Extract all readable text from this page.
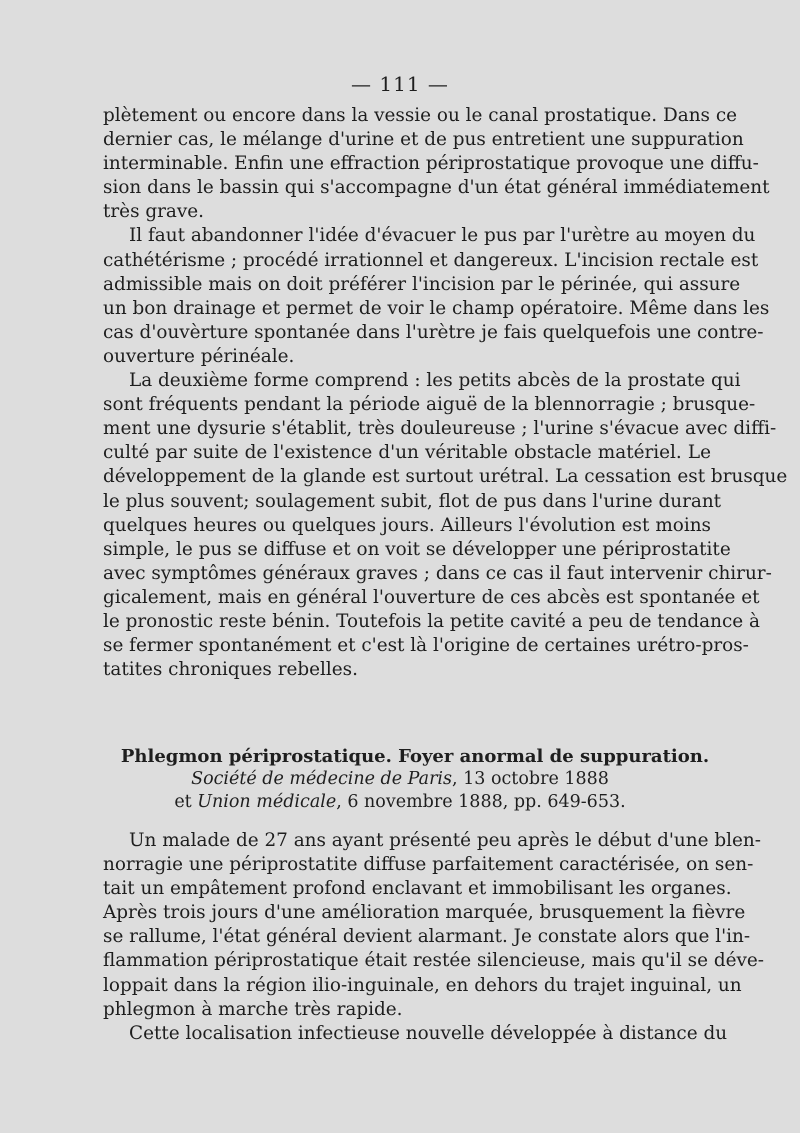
— 111 —
plètement ou encore dans la vessie ou le canal prostatique. Dans ce
dernier cas, le mélange d'urine et de pus entretient une suppuration
interminable. Enfin une effraction périprostatique provoque une diffu-
sion dans le bassin qui s'accompagne d'un état général immédiatement
très grave.
Il faut abandonner l'idée d'évacuer le pus par l'urètre au moyen du
cathétérisme ; procédé irrationnel et dangereux. L'incision rectale est
admissible mais on doit préférer l'incision par le périnée, qui assure
un bon drainage et permet de voir le champ opératoire. Même dans les
cas d'ouvèrture spontanée dans l'urètre je fais quelquefois une contre-
ouverture périnéale.
La deuxième forme comprend : les petits abcès de la prostate qui
sont fréquents pendant la période aiguë de la blennorragie ; brusque-
ment une dysurie s'établit, très douleureuse ; l'urine s'évacue avec diffi-
culté par suite de l'existence d'un véritable obstacle matériel. Le
développement de la glande est surtout urétral. La cessation est brusque
le plus souvent; soulagement subit, flot de pus dans l'urine durant
quelques heures ou quelques jours. Ailleurs l'évolution est moins
simple, le pus se diffuse et on voit se développer une périprostatite
avec symptômes généraux graves ; dans ce cas il faut intervenir chirur-
gicalement, mais en général l'ouverture de ces abcès est spontanée et
le pronostic reste bénin. Toutefois la petite cavité a peu de tendance à
se fermer spontanément et c'est là l'origine de certaines urétro-pros-
tatites chroniques rebelles.
Phlegmon périprostatique. Foyer anormal de suppuration.
Société de médecine de Paris, 13 octobre 1888
et Union médicale, 6 novembre 1888, pp. 649-653.
Un malade de 27 ans ayant présenté peu après le début d'une blen-
norragie une périprostatite diffuse parfaitement caractérisée, on sen-
tait un empâtement profond enclavant et immobilisant les organes.
Après trois jours d'une amélioration marquée, brusquement la fièvre
se rallume, l'état général devient alarmant. Je constate alors que l'in-
flammation périprostatique était restée silencieuse, mais qu'il se déve-
loppait dans la région ilio-inguinale, en dehors du trajet inguinal, un
phlegmon à marche très rapide.
Cette localisation infectieuse nouvelle développée à distance du
